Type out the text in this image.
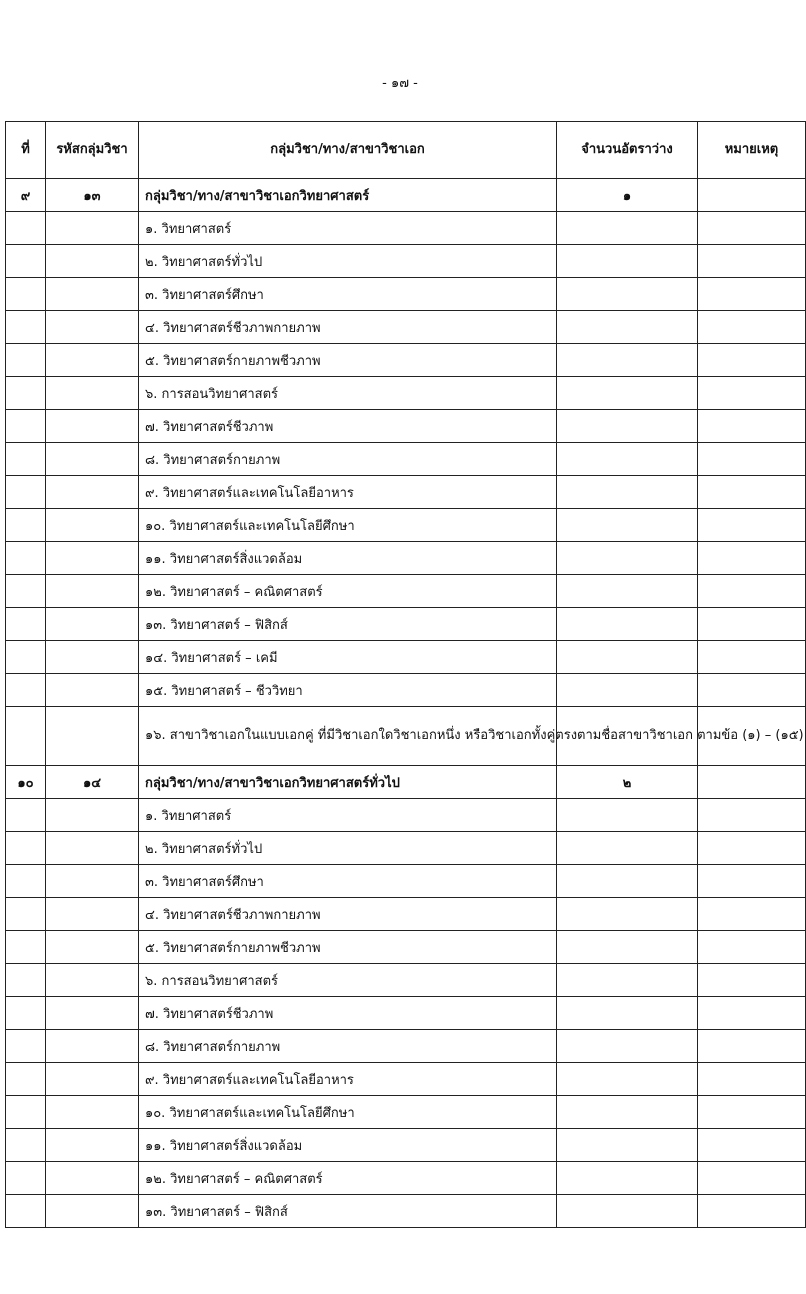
- ๑๗ -
ที่	รหัสกลุ่มวิชา	กลุ่มวิชา/ทาง/สาขาวิชาเอก	จำนวนอัตราว่าง	หมายเหตุ
๙	๑๓	กลุ่มวิชา/ทาง/สาขาวิชาเอกวิทยาศาสตร์	๑	
		๑. วิทยาศาสตร์		
		๒. วิทยาศาสตร์ทั่วไป		
		๓. วิทยาศาสตร์ศึกษา		
		๔. วิทยาศาสตร์ชีวภาพกายภาพ		
		๕. วิทยาศาสตร์กายภาพชีวภาพ		
		๖. การสอนวิทยาศาสตร์		
		๗. วิทยาศาสตร์ชีวภาพ		
		๘. วิทยาศาสตร์กายภาพ		
		๙. วิทยาศาสตร์และเทคโนโลยีอาหาร		
		๑๐. วิทยาศาสตร์และเทคโนโลยีศึกษา		
		๑๑. วิทยาศาสตร์สิ่งแวดล้อม		
		๑๒. วิทยาศาสตร์ – คณิตศาสตร์		
		๑๓. วิทยาศาสตร์ – ฟิสิกส์		
		๑๔. วิทยาศาสตร์ – เคมี		
		๑๕. วิทยาศาสตร์ – ชีววิทยา		
		๑๖. สาขาวิชาเอกในแบบเอกคู่ ที่มีวิชาเอกใดวิชาเอกหนึ่ง หรือวิชาเอกทั้งคู่ตรงตามชื่อสาขาวิชาเอก ตามข้อ (๑) – (๑๕)		
๑๐	๑๔	กลุ่มวิชา/ทาง/สาขาวิชาเอกวิทยาศาสตร์ทั่วไป	๒	
		๑. วิทยาศาสตร์		
		๒. วิทยาศาสตร์ทั่วไป		
		๓. วิทยาศาสตร์ศึกษา		
		๔. วิทยาศาสตร์ชีวภาพกายภาพ		
		๕. วิทยาศาสตร์กายภาพชีวภาพ		
		๖. การสอนวิทยาศาสตร์		
		๗. วิทยาศาสตร์ชีวภาพ		
		๘. วิทยาศาสตร์กายภาพ		
		๙. วิทยาศาสตร์และเทคโนโลยีอาหาร		
		๑๐. วิทยาศาสตร์และเทคโนโลยีศึกษา		
		๑๑. วิทยาศาสตร์สิ่งแวดล้อม		
		๑๒. วิทยาศาสตร์ – คณิตศาสตร์		
		๑๓. วิทยาศาสตร์ – ฟิสิกส์		
